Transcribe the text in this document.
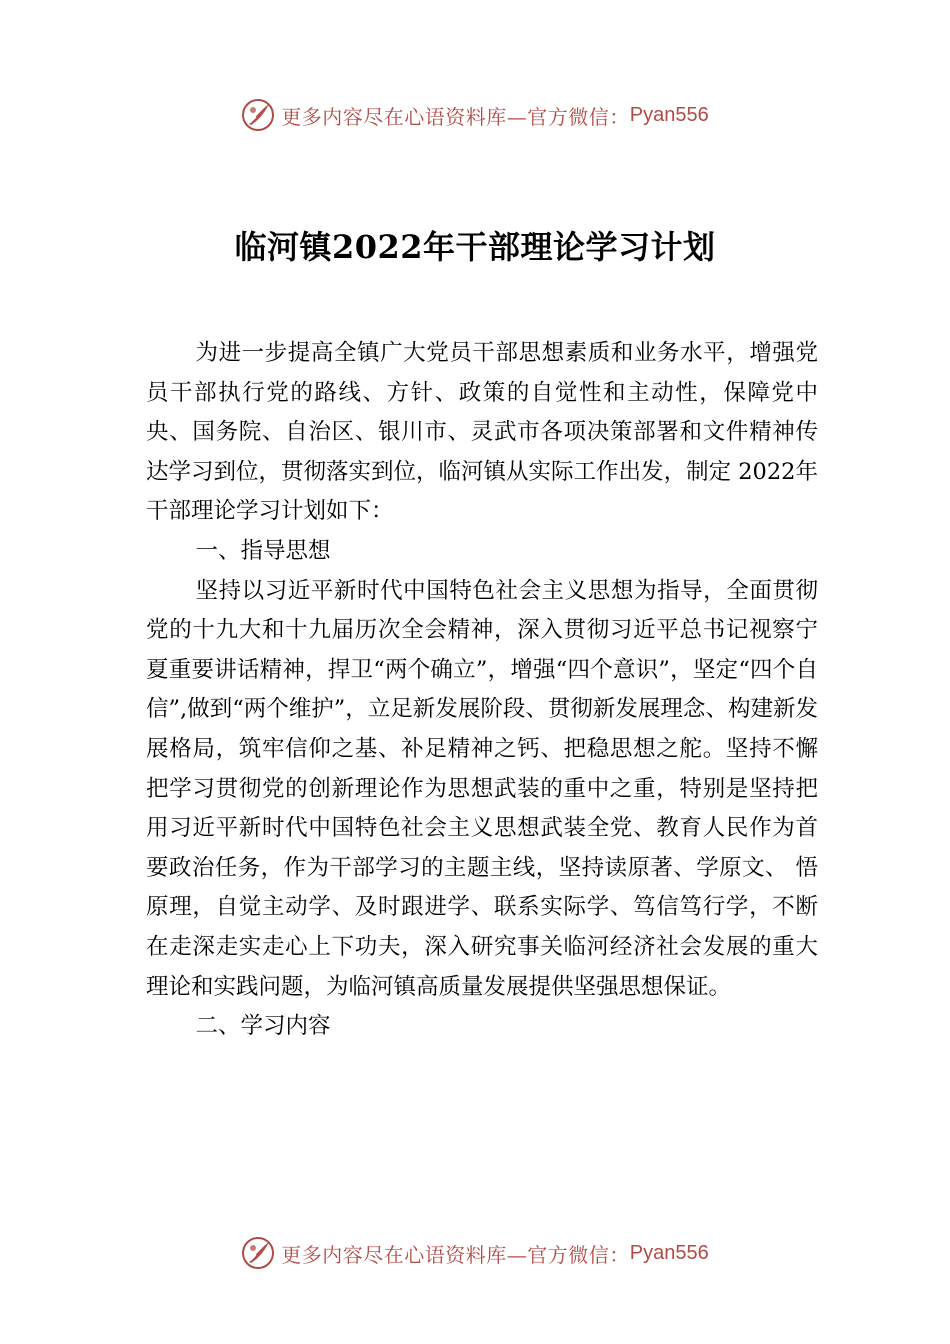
更多内容尽在心语资料库—官方微信： Pyan556
临河镇2022年干部理论学习计划

为进一步提高全镇广大党员干部思想素质和业务水平，增强党员干部执行党的路线、方针、政策的自觉性和主动性，保障党中央、国务院、自治区、银川市、灵武市各项决策部署和文件精神传达学习到位，贯彻落实到位，临河镇从实际工作出发，制定 2022年干部理论学习计划如下：

一、指导思想

坚持以习近平新时代中国特色社会主义思想为指导，全面贯彻党的十九大和十九届历次全会精神，深入贯彻习近平总书记视察宁夏重要讲话精神，捍卫“两个确立”，增强“四个意识”，坚定“四个自信”,做到“两个维护”，立足新发展阶段、贯彻新发展理念、构建新发展格局，筑牢信仰之基、补足精神之钙、把稳思想之舵。坚持不懈把学习贯彻党的创新理论作为思想武装的重中之重，特别是坚持把用习近平新时代中国特色社会主义思想武装全党、教育人民作为首要政治任务，作为干部学习的主题主线，坚持读原著、学原文、 悟原理，自觉主动学、及时跟进学、联系实际学、笃信笃行学，不断在走深走实走心上下功夫，深入研究事关临河经济社会发展的重大理论和实践问题，为临河镇高质量发展提供坚强思想保证。

二、学习内容

更多内容尽在心语资料库—官方微信： Pyan556
